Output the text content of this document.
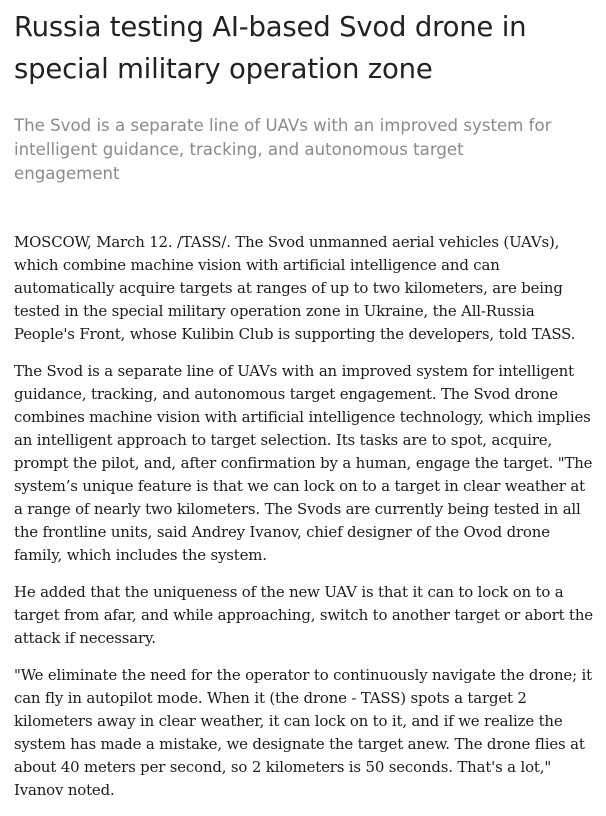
Russia testing AI-based Svod drone in special military operation zone
The Svod is a separate line of UAVs with an improved system for intelligent guidance, tracking, and autonomous target engagement

MOSCOW, March 12. /TASS/. The Svod unmanned aerial vehicles (UAVs), which combine machine vision with artificial intelligence and can automatically acquire targets at ranges of up to two kilometers, are being tested in the special military operation zone in Ukraine, the All-Russia People's Front, whose Kulibin Club is supporting the developers, told TASS.

The Svod is a separate line of UAVs with an improved system for intelligent guidance, tracking, and autonomous target engagement. The Svod drone combines machine vision with artificial intelligence technology, which implies an intelligent approach to target selection. Its tasks are to spot, acquire, prompt the pilot, and, after confirmation by a human, engage the target. "The system’s unique feature is that we can lock on to a target in clear weather at a range of nearly two kilometers. The Svods are currently being tested in all the frontline units, said Andrey Ivanov, chief designer of the Ovod drone family, which includes the system.

He added that the uniqueness of the new UAV is that it can to lock on to a target from afar, and while approaching, switch to another target or abort the attack if necessary.

"We eliminate the need for the operator to continuously navigate the drone; it can fly in autopilot mode. When it (the drone - TASS) spots a target 2 kilometers away in clear weather, it can lock on to it, and if we realize the system has made a mistake, we designate the target anew. The drone flies at about 40 meters per second, so 2 kilometers is 50 seconds. That's a lot," Ivanov noted.
